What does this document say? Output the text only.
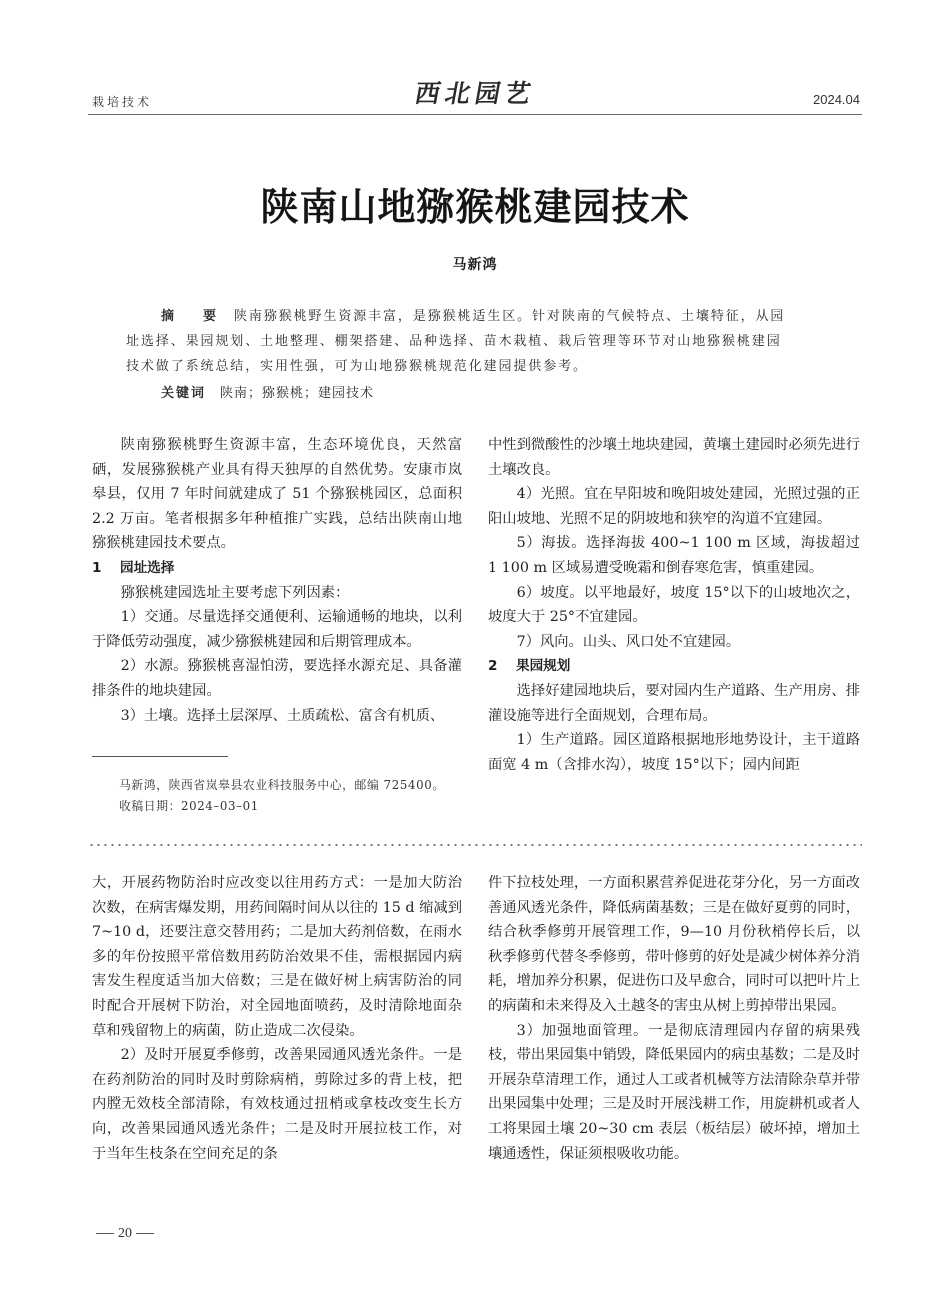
栽培技术	西北园艺	2024.04
陕南山地猕猴桃建园技术
马新鸿
摘　要 陕南猕猴桃野生资源丰富，是猕猴桃适生区。针对陕南的气候特点、土壤特征，从园
址选择、果园规划、土地整理、棚架搭建、品种选择、苗木栽植、栽后管理等环节对山地猕猴桃建园
技术做了系统总结，实用性强，可为山地猕猴桃规范化建园提供参考。
关键词 陕南；猕猴桃；建园技术

陕南猕猴桃野生资源丰富，生态环境优良，天然富硒，发展猕猴桃产业具有得天独厚的自然优势。安康市岚皋县，仅用 7 年时间就建成了 51 个猕猴桃园区，总面积 2.2 万亩。笔者根据多年种植推广实践，总结出陕南山地猕猴桃建园技术要点。

1 园址选择

猕猴桃建园选址主要考虑下列因素：

1）交通。尽量选择交通便利、运输通畅的地块，以利于降低劳动强度，减少猕猴桃建园和后期管理成本。

2）水源。猕猴桃喜湿怕涝，要选择水源充足、具备灌排条件的地块建园。

3）土壤。选择土层深厚、土质疏松、富含有机质、

马新鸿，陕西省岚皋县农业科技服务中心，邮编 725400。
收稿日期：2024–03–01

中性到微酸性的沙壤土地块建园，黄壤土建园时必须先进行土壤改良。

4）光照。宜在早阳坡和晚阳坡处建园，光照过强的正阳山坡地、光照不足的阴坡地和狭窄的沟道不宜建园。

5）海拔。选择海拔 400~1 100 m 区域，海拔超过 1 100 m 区域易遭受晚霜和倒春寒危害，慎重建园。

6）坡度。以平地最好，坡度 15°以下的山坡地次之，坡度大于 25°不宜建园。

7）风向。山头、风口处不宜建园。

2 果园规划

选择好建园地块后，要对园内生产道路、生产用房、排灌设施等进行全面规划，合理布局。

1）生产道路。园区道路根据地形地势设计，主干道路面宽 4 m（含排水沟），坡度 15°以下；园内间距

大，开展药物防治时应改变以往用药方式：一是加大防治次数，在病害爆发期，用药间隔时间从以往的 15 d 缩减到 7~10 d，还要注意交替用药；二是加大药剂倍数，在雨水多的年份按照平常倍数用药防治效果不佳，需根据园内病害发生程度适当加大倍数；三是在做好树上病害防治的同时配合开展树下防治，对全园地面喷药，及时清除地面杂草和残留物上的病菌，防止造成二次侵染。

2）及时开展夏季修剪，改善果园通风透光条件。一是在药剂防治的同时及时剪除病梢，剪除过多的背上枝，把内膛无效枝全部清除，有效枝通过扭梢或拿枝改变生长方向，改善果园通风透光条件；二是及时开展拉枝工作，对于当年生枝条在空间充足的条

件下拉枝处理，一方面积累营养促进花芽分化，另一方面改善通风透光条件，降低病菌基数；三是在做好夏剪的同时，结合秋季修剪开展管理工作，9—10 月份秋梢停长后，以秋季修剪代替冬季修剪，带叶修剪的好处是减少树体养分消耗，增加养分积累，促进伤口及早愈合，同时可以把叶片上的病菌和未来得及入土越冬的害虫从树上剪掉带出果园。

3）加强地面管理。一是彻底清理园内存留的病果残枝，带出果园集中销毁，降低果园内的病虫基数；二是及时开展杂草清理工作，通过人工或者机械等方法清除杂草并带出果园集中处理；三是及时开展浅耕工作，用旋耕机或者人工将果园土壤 20~30 cm 表层（板结层）破坏掉，增加土壤通透性，保证须根吸收功能。

20
